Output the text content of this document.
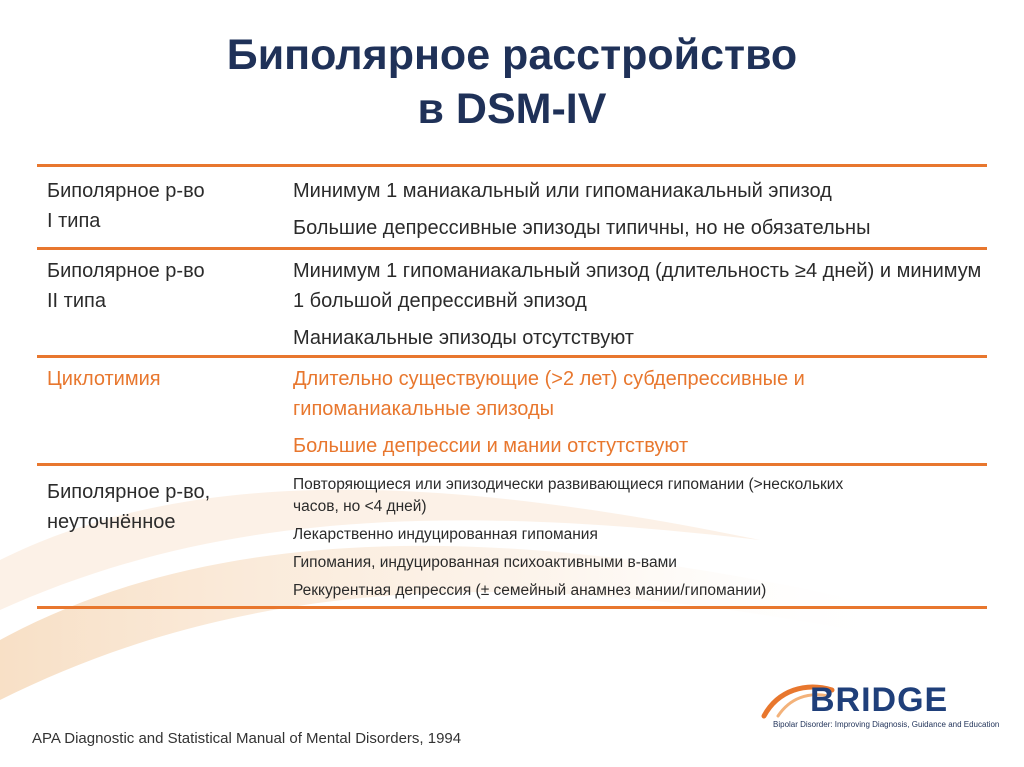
Биполярное расстройство
в DSM-IV
Биполярное р-во
I типа
Минимум 1 маниакальный или гипоманиакальный эпизод
Большие депрессивные эпизоды типичны, но не обязательны
Биполярное р-во
II типа
Минимум 1 гипоманиакальный эпизод (длительность ≥4 дней) и минимум 1 большой депрессивнй эпизод
Маниакальные эпизоды отсутствуют
Циклотимия	Длительно существующие (>2 лет) субдепрессивные и гипоманиакальные эпизоды
Большие депрессии и мании отстутствуют
Биполярное р-во,
неуточнённое
Повторяющиеся или эпизодически развивающиеся гипомании (>нескольких часов, но <4 дней)
Лекарственно индуцированная гипомания
Гипомания, индуцированная психоактивными в-вами
Реккурентная депрессия (± семейный анамнез мании/гипомании)
BRIDGE
Bipolar Disorder: Improving Diagnosis, Guidance and Education
APA Diagnostic and Statistical Manual of Mental Disorders, 1994
